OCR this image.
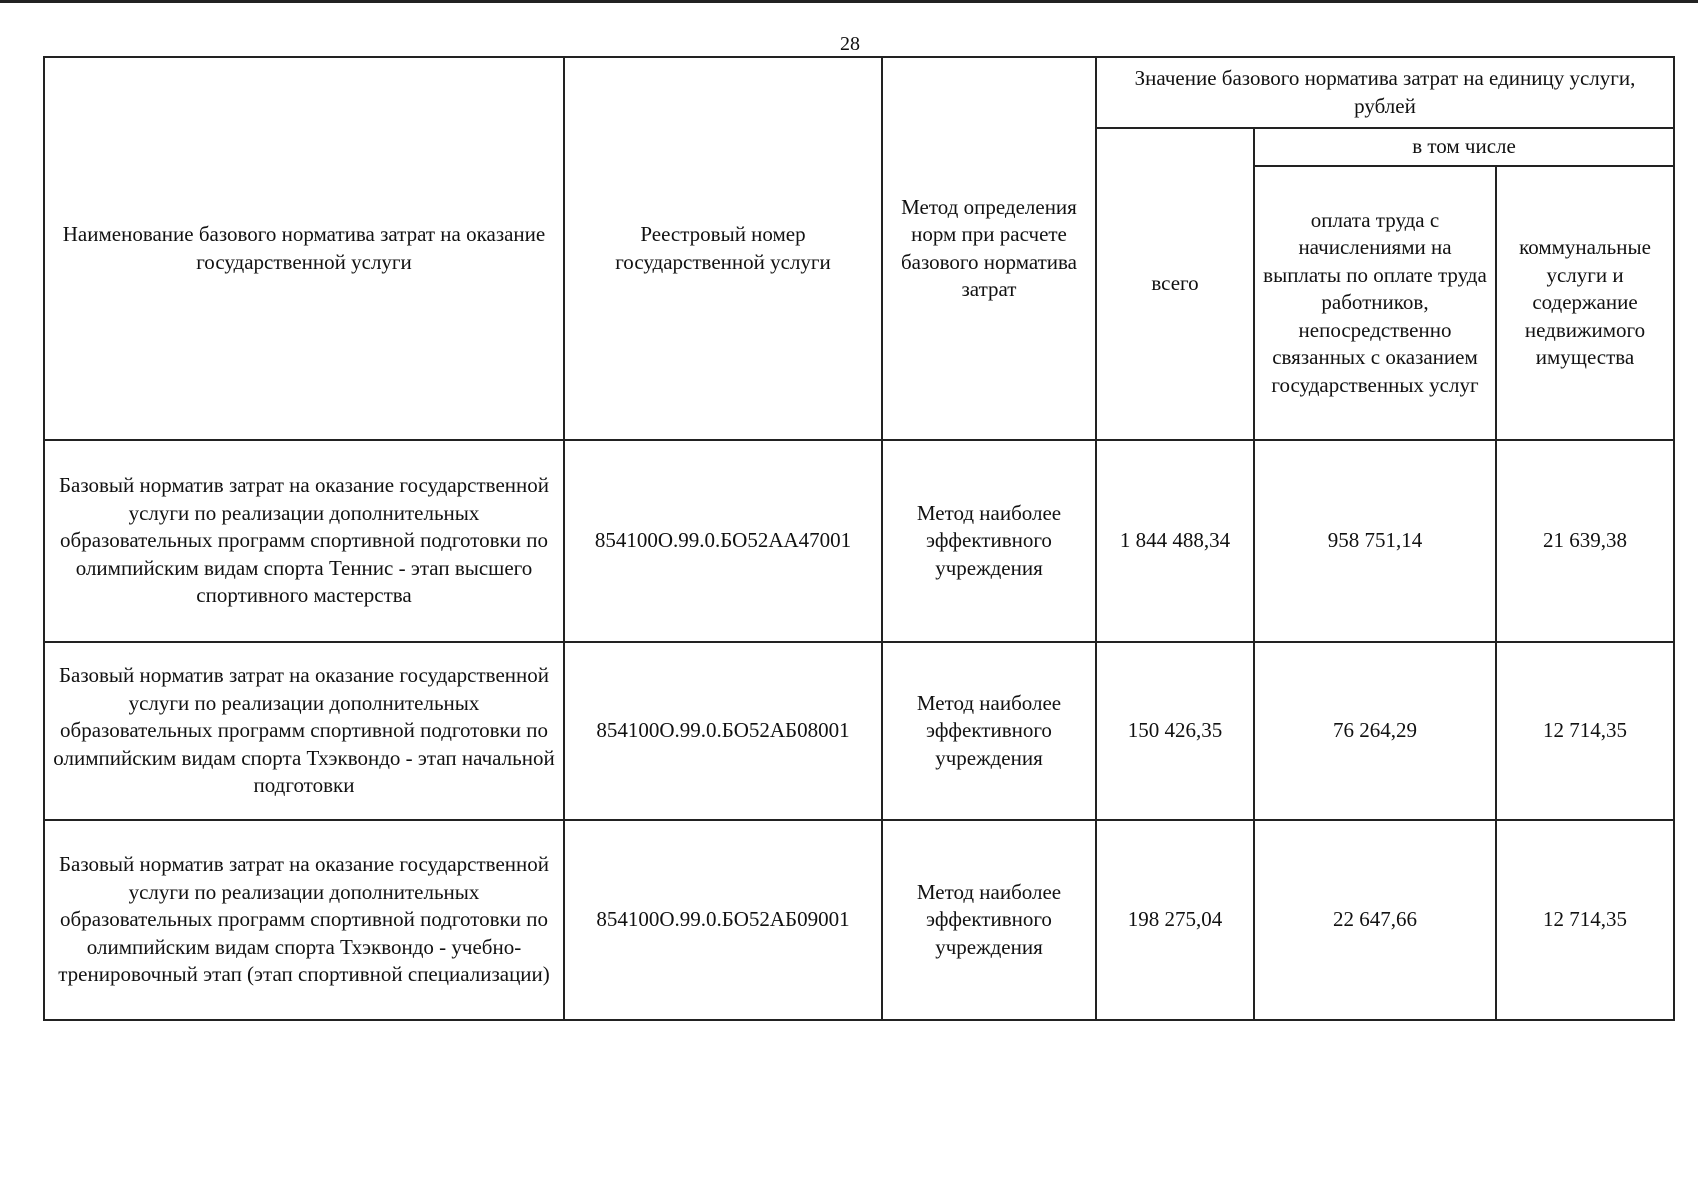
28
Наименование базового норматива затрат на оказание государственной услуги	Реестровый номер государственной услуги	Метод определения норм при расчете базового норматива затрат	Значение базового норматива затрат на единицу услуги, рублей		
			всего	в том числе	
				оплата труда с начислениями на выплаты по оплате труда работников, непосредственно связанных с оказанием государственных услуг	коммунальные услуги и содержание недвижимого имущества
Базовый норматив затрат на оказание государственной услуги по реализации дополнительных образовательных программ спортивной подготовки по олимпийским видам спорта Теннис - этап высшего спортивного мастерства	854100О.99.0.БО52АА47001	Метод наиболее эффективного учреждения	1 844 488,34	958 751,14	21 639,38
Базовый норматив затрат на оказание государственной услуги по реализации дополнительных образовательных программ спортивной подготовки по олимпийским видам спорта Тхэквондо - этап начальной подготовки	854100О.99.0.БО52АБ08001	Метод наиболее эффективного учреждения	150 426,35	76 264,29	12 714,35
Базовый норматив затрат на оказание государственной услуги по реализации дополнительных образовательных программ спортивной подготовки по олимпийским видам спорта Тхэквондо - учебно-тренировочный этап (этап спортивной специализации)	854100О.99.0.БО52АБ09001	Метод наиболее эффективного учреждения	198 275,04	22 647,66	12 714,35
